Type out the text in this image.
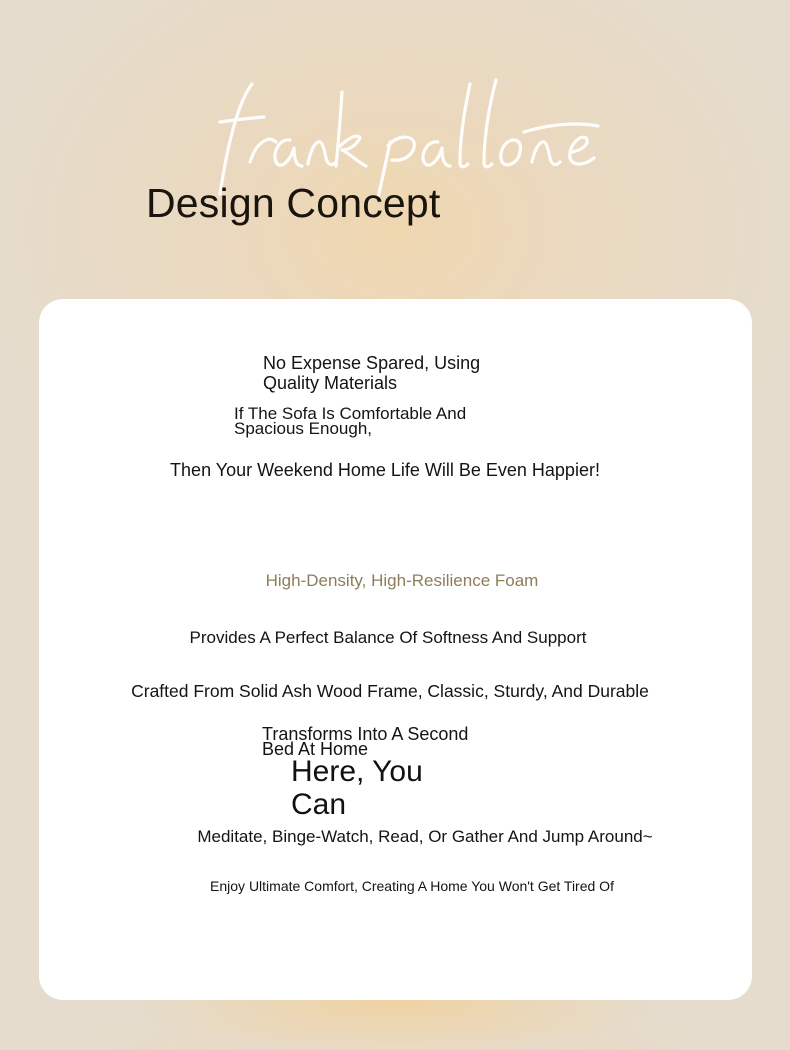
Design Concept

No Expense Spared, Using Quality Materials

If The Sofa Is Comfortable And Spacious Enough,

Then Your Weekend Home Life Will Be Even Happier!

High-Density, High-Resilience Foam

Provides A Perfect Balance Of Softness And Support

Crafted From Solid Ash Wood Frame, Classic, Sturdy, And Durable

Transforms Into A Second Bed At Home

Here, You Can

Meditate, Binge-Watch, Read, Or Gather And Jump Around~

Enjoy Ultimate Comfort, Creating A Home You Won't Get Tired Of
